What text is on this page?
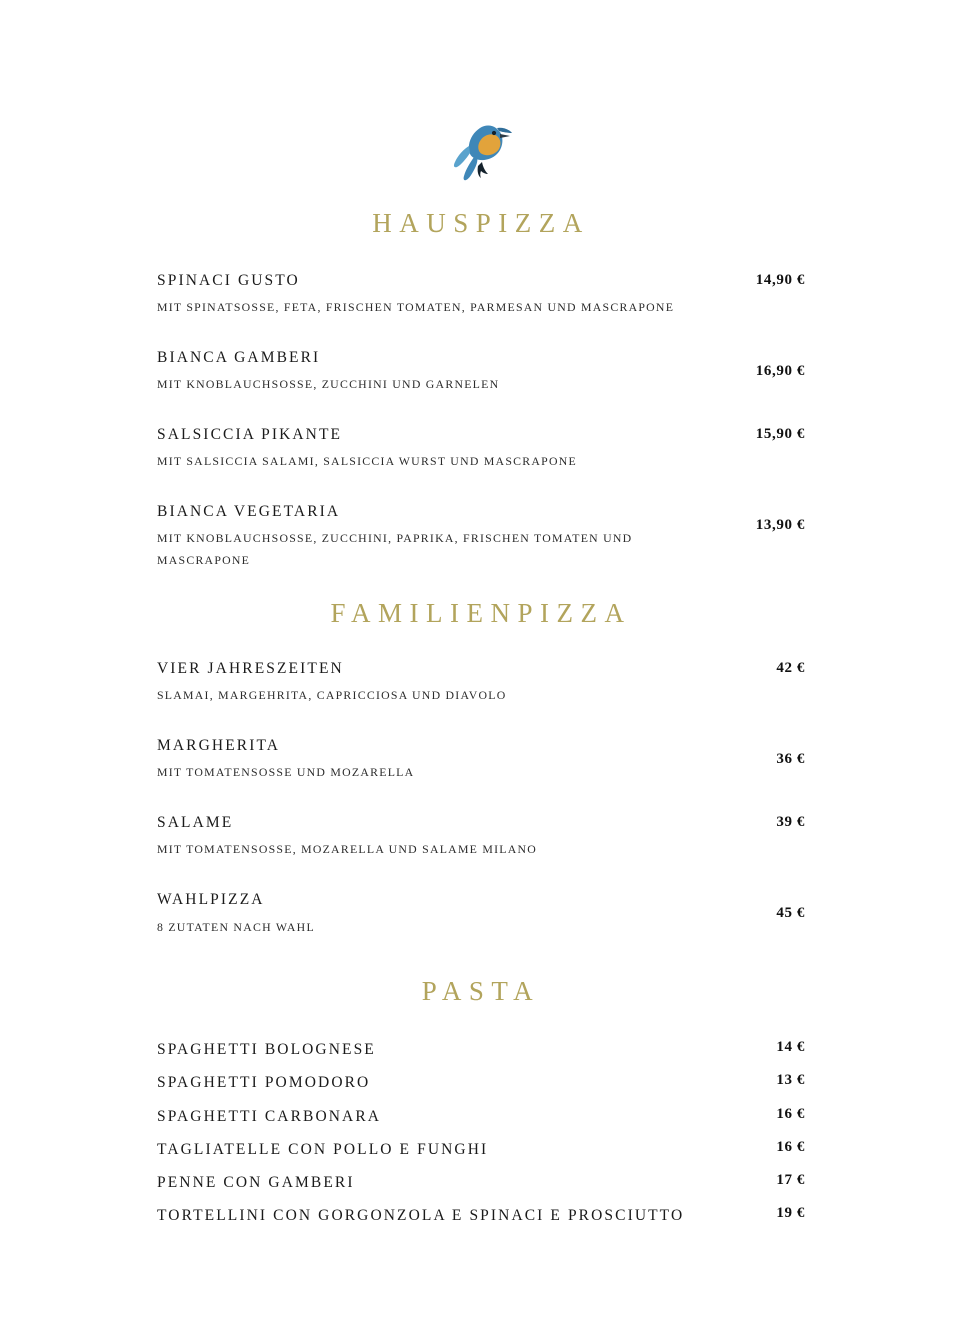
HAUSPIZZA
SPINACI GUSTO
MIT SPINATSOSSE, FETA, FRISCHEN TOMATEN, PARMESAN UND MASCRAPONE
14,90 €
BIANCA GAMBERI
MIT KNOBLAUCHSOSSE, ZUCCHINI UND GARNELEN
16,90 €
SALSICCIA PIKANTE
MIT SALSICCIA SALAMI, SALSICCIA WURST UND MASCRAPONE
15,90 €
BIANCA VEGETARIA
MIT KNOBLAUCHSOSSE, ZUCCHINI, PAPRIKA, FRISCHEN TOMATEN UND MASCRAPONE
13,90 €
FAMILIENPIZZA
VIER JAHRESZEITEN
SLAMAI, MARGEHRITA, CAPRICCIOSA UND DIAVOLO
42 €
MARGHERITA
MIT TOMATENSOSSE UND MOZARELLA
36 €
SALAME
MIT TOMATENSOSSE, MOZARELLA UND SALAME MILANO
39 €
WAHLPIZZA
8 ZUTATEN NACH WAHL
45 €
PASTA
SPAGHETTI BOLOGNESE	14 €
SPAGHETTI POMODORO	13 €
SPAGHETTI CARBONARA	16 €
TAGLIATELLE CON POLLO E FUNGHI	16 €
PENNE CON GAMBERI	17 €
TORTELLINI CON GORGONZOLA E SPINACI E PROSCIUTTO	19 €
